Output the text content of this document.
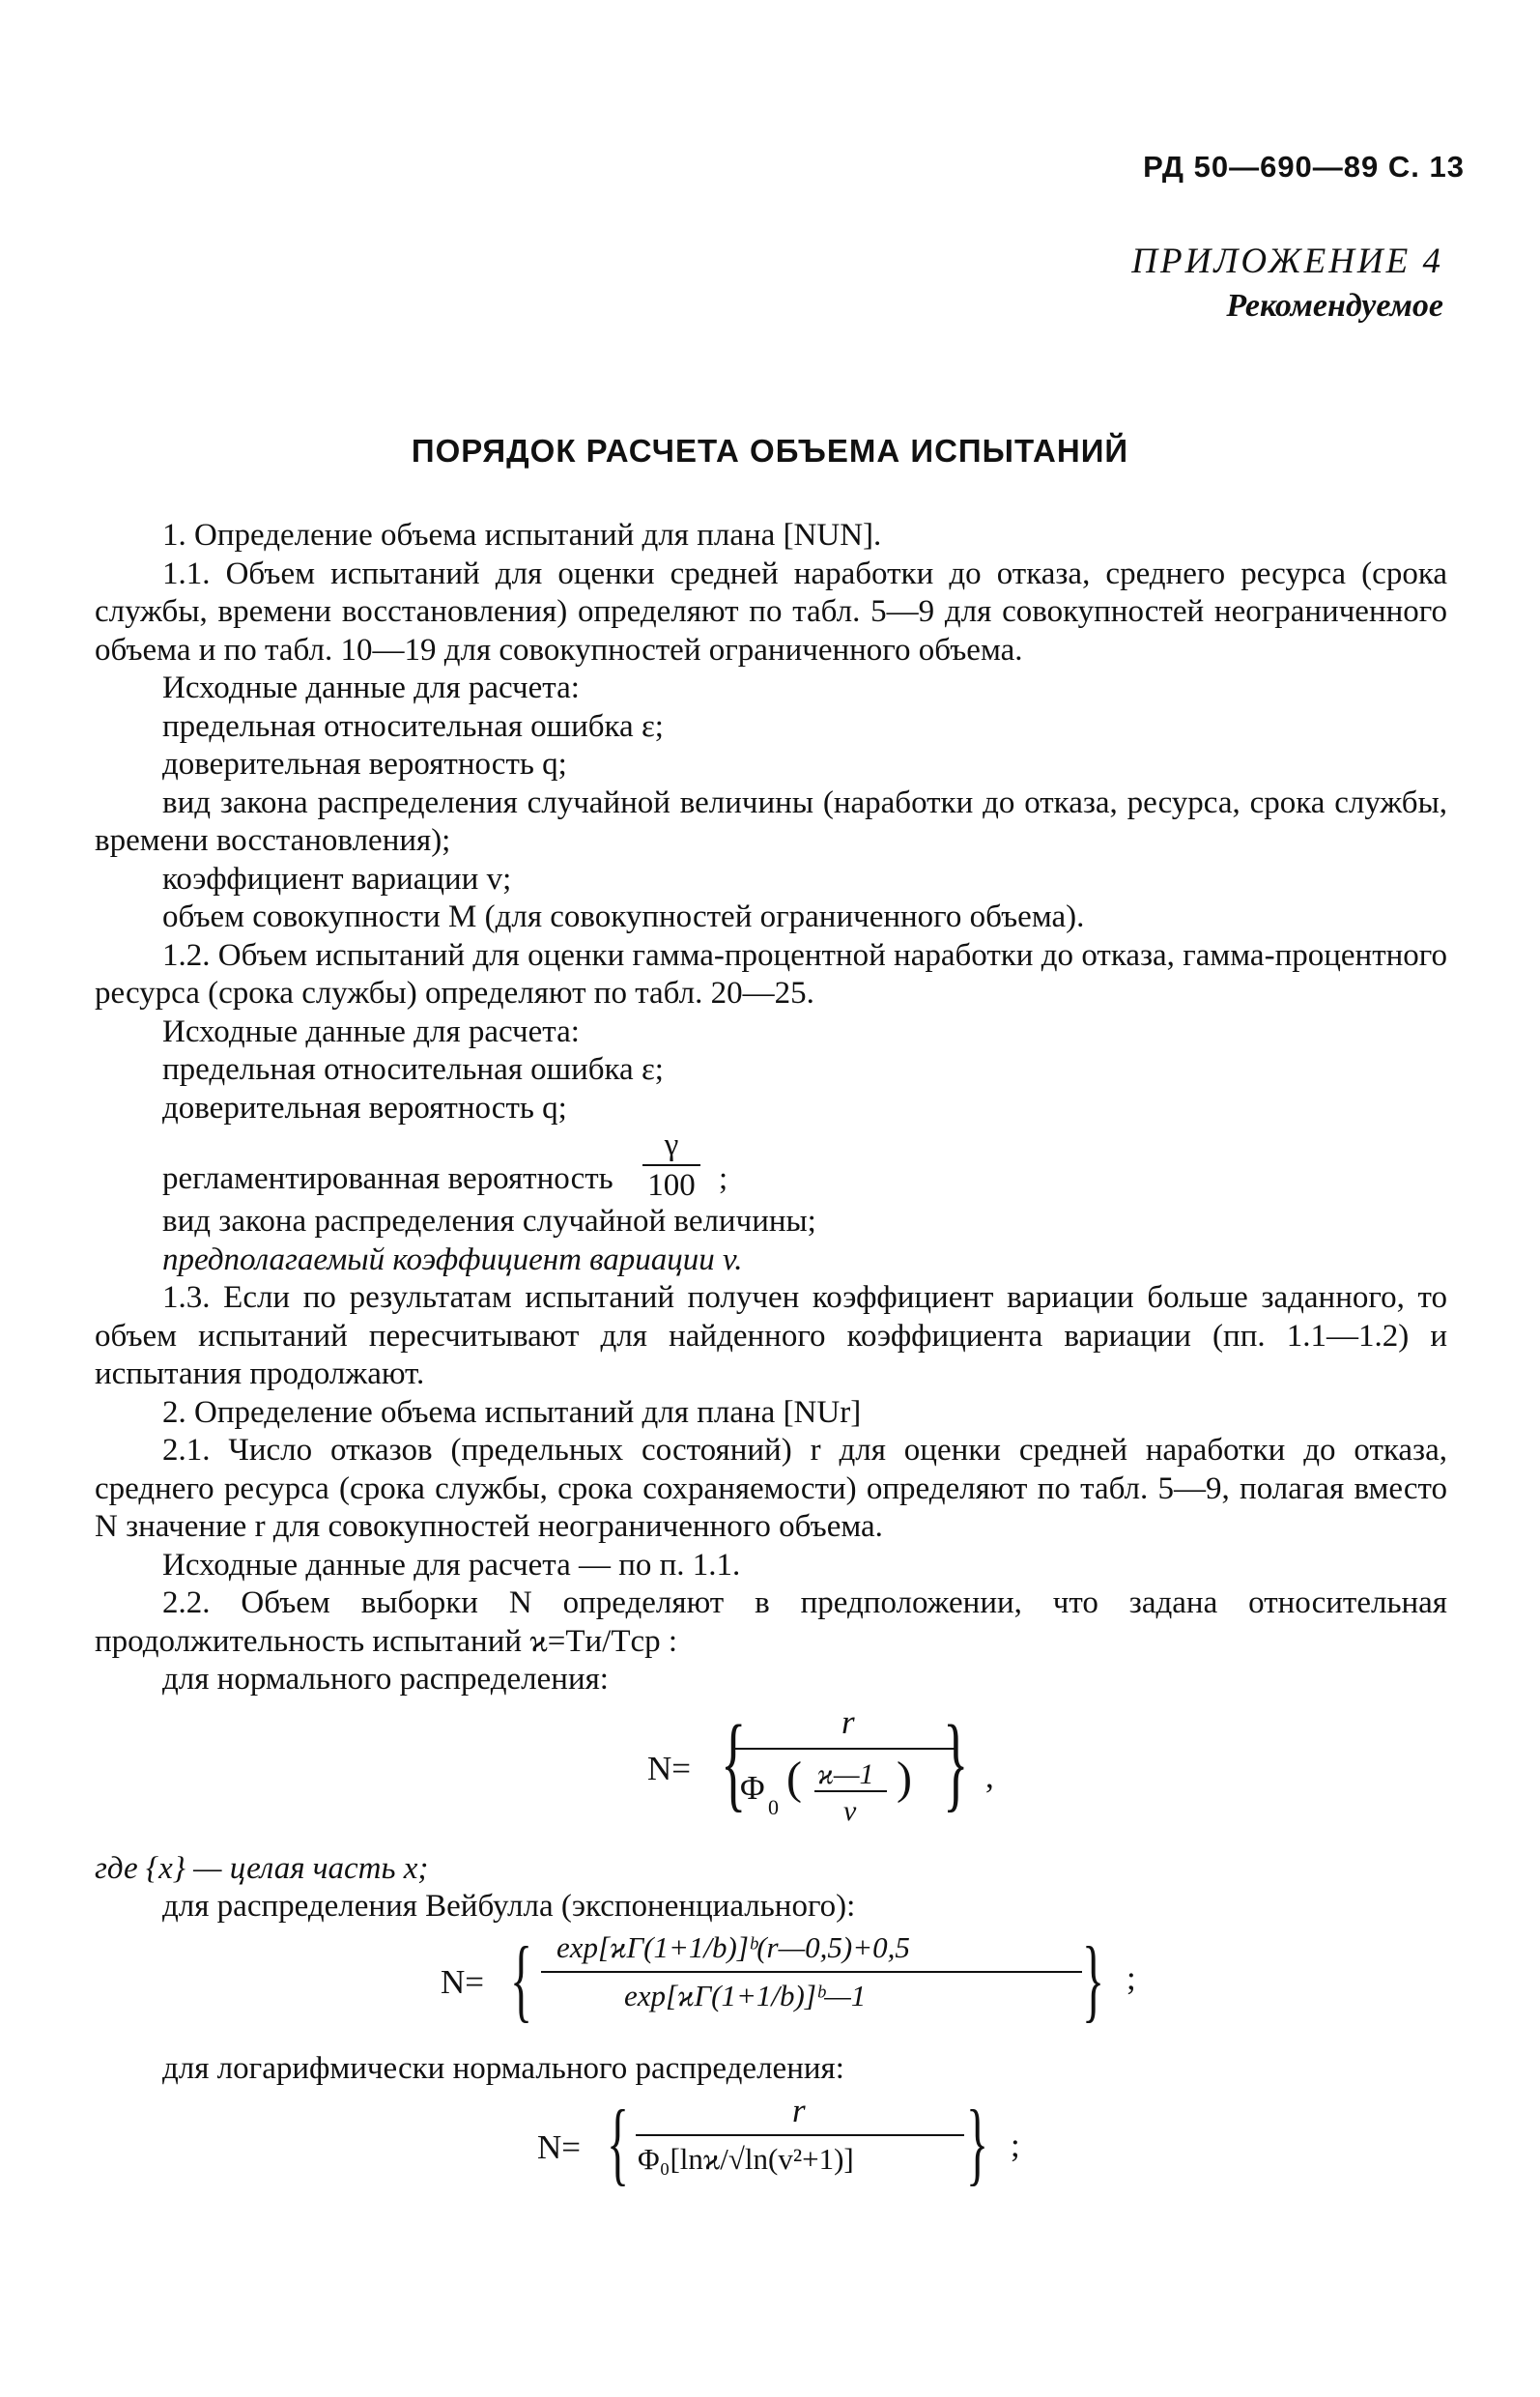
РД 50—690—89 С. 13
ПРИЛОЖЕНИЕ 4
Рекомендуемое
ПОРЯДОК РАСЧЕТА ОБЪЕМА ИСПЫТАНИЙ

1. Определение объема испытаний для плана [NUN].

1.1. Объем испытаний для оценки средней наработки до отказа, среднего ресурса (срока службы, времени восстановления) определяют по табл. 5—9 для совокупностей неограниченного объема и по табл. 10—19 для совокупностей ограниченного объема.

Исходные данные для расчета:

предельная относительная ошибка ε;

доверительная вероятность q;

вид закона распределения случайной величины (наработки до отказа, ресурса, срока службы, времени восстановления);

коэффициент вариации v;

объем совокупности M (для совокупностей ограниченного объема).

1.2. Объем испытаний для оценки гамма-процентной наработки до отказа, гамма-процентного ресурса (срока службы) определяют по табл. 20—25.

Исходные данные для расчета:

предельная относительная ошибка ε;

доверительная вероятность q;

регламентированная вероятность $\frac{\gamma}{100}$ ;

вид закона распределения случайной величины;

предполагаемый коэффициент вариации v.

1.3. Если по результатам испытаний получен коэффициент вариации больше заданного, то объем испытаний пересчитывают для найденного коэффициента вариации (пп. 1.1—1.2) и испытания продолжают.

2. Определение объема испытаний для плана [NUr]

2.1. Число отказов (предельных состояний) r для оценки средней наработки до отказа, среднего ресурса (срока службы, срока сохраняемости) определяют по табл. 5—9, полагая вместо N значение r для совокупностей неограниченного объема.

Исходные данные для расчета — по п. 1.1.

2.2. Объем выборки N определяют в предположении, что задана относительная продолжительность испытаний ϰ=Tи/Tср :

для нормального распределения:

N= {	r
Φ
0
( ϰ—1
v
) } ,

где {x} — целая часть x;

для распределения Вейбулла (экспоненциального):

N= { exp[ϰΓ(1+1/b)]ᵇ(r—0,5)+0,5
exp[ϰΓ(1+1/b)]ᵇ—1 } ;

для логарифмически нормального распределения:

N= {	r
Φ₀[lnϰ/√ln(v²+1)] } ;
